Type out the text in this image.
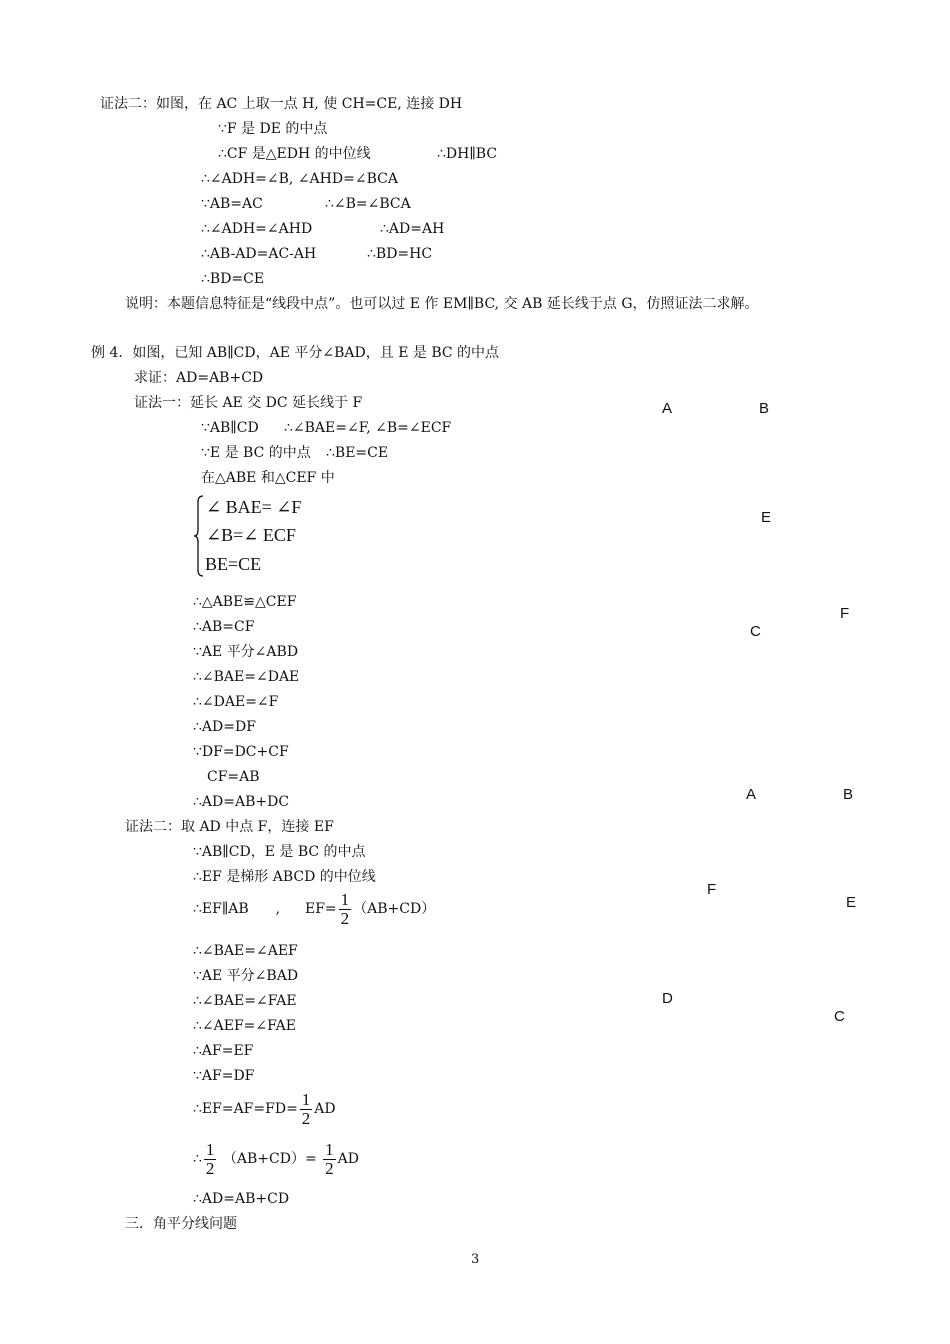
证法二：如图，在 AC 上取一点 H, 使 CH=CE, 连接 DH
∵F 是 DE 的中点
∴CF 是△EDH 的中位线	∴DH∥BC
∴∠ADH=∠B, ∠AHD=∠BCA
∵AB=AC	∴∠B=∠BCA
∴∠ADH=∠AHD	∴AD=AH
∴AB-AD=AC-AH	∴BD=HC
∴BD=CE
说明：本题信息特征是“线段中点”。也可以过 E 作 EM∥BC, 交 AB 延长线于点 G，仿照证法二求解。
例 4．如图，已知 AB∥CD，AE 平分∠BAD，且 E 是 BC 的中点
求证：AD=AB+CD
证法一：延长 AE 交 DC 延长线于 F
∵AB∥CD ∴∠BAE=∠F, ∠B=∠ECF
∵E 是 BC 的中点 ∴BE=CE
在△ABE 和△CEF 中
∠ BAE= ∠F
∠B=∠ ECF
BE=CE
∴△ABE≌△CEF
∴AB=CF
∵AE 平分∠ABD
∴∠BAE=∠DAE
∴∠DAE=∠F
∴AD=DF
∵DF=DC+CF
CF=AB
∴AD=AB+DC
证法二：取 AD 中点 F，连接 EF
∵AB∥CD，E 是 BC 的中点
∴EF 是梯形 ABCD 的中位线
∴EF∥AB , $EF= \frac{1}{2} (AB+CD)$
∴∠BAE=∠AEF
∵AE 平分∠BAD
∴∠BAE=∠FAE
∴∠AEF=∠FAE
∴AF=EF
∵AF=DF
∴EF=AF=FD= $\frac{1}{2}$ AD
∴ $\frac{1}{2} (AB+CD)= \frac{1}{2}$ AD
∴AD=AB+CD
三．角平分线问题
A	B
E
F
C
A	B
F
E
D
C
3
